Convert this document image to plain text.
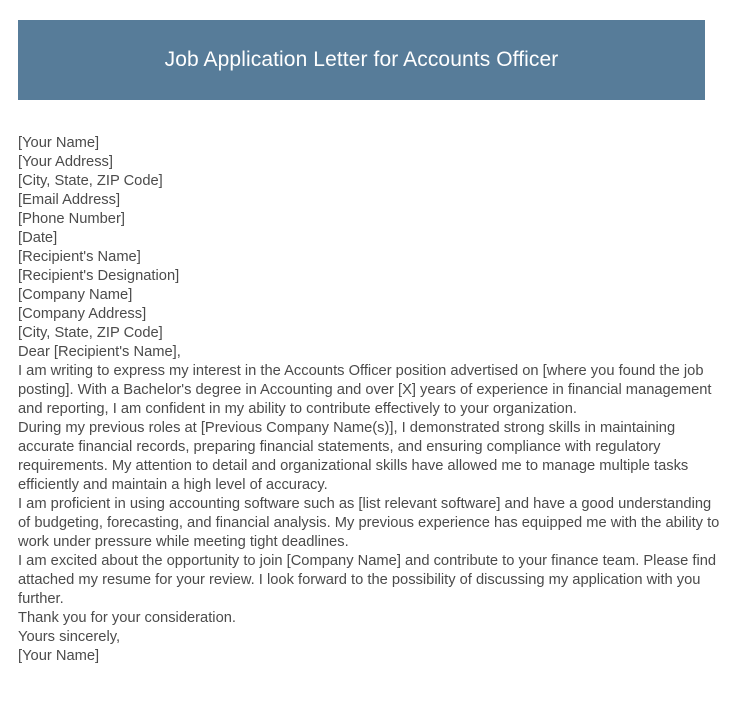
Job Application Letter for Accounts Officer
[Your Name]
[Your Address]
[City, State, ZIP Code]
[Email Address]
[Phone Number]
[Date]
[Recipient's Name]
[Recipient's Designation]
[Company Name]
[Company Address]
[City, State, ZIP Code]
Dear [Recipient's Name],
I am writing to express my interest in the Accounts Officer position advertised on [where you found the job posting]. With a Bachelor's degree in Accounting and over [X] years of experience in financial management and reporting, I am confident in my ability to contribute effectively to your organization.
During my previous roles at [Previous Company Name(s)], I demonstrated strong skills in maintaining accurate financial records, preparing financial statements, and ensuring compliance with regulatory requirements. My attention to detail and organizational skills have allowed me to manage multiple tasks efficiently and maintain a high level of accuracy.
I am proficient in using accounting software such as [list relevant software] and have a good understanding of budgeting, forecasting, and financial analysis. My previous experience has equipped me with the ability to work under pressure while meeting tight deadlines.
I am excited about the opportunity to join [Company Name] and contribute to your finance team. Please find attached my resume for your review. I look forward to the possibility of discussing my application with you further.
Thank you for your consideration.
Yours sincerely,
[Your Name]
